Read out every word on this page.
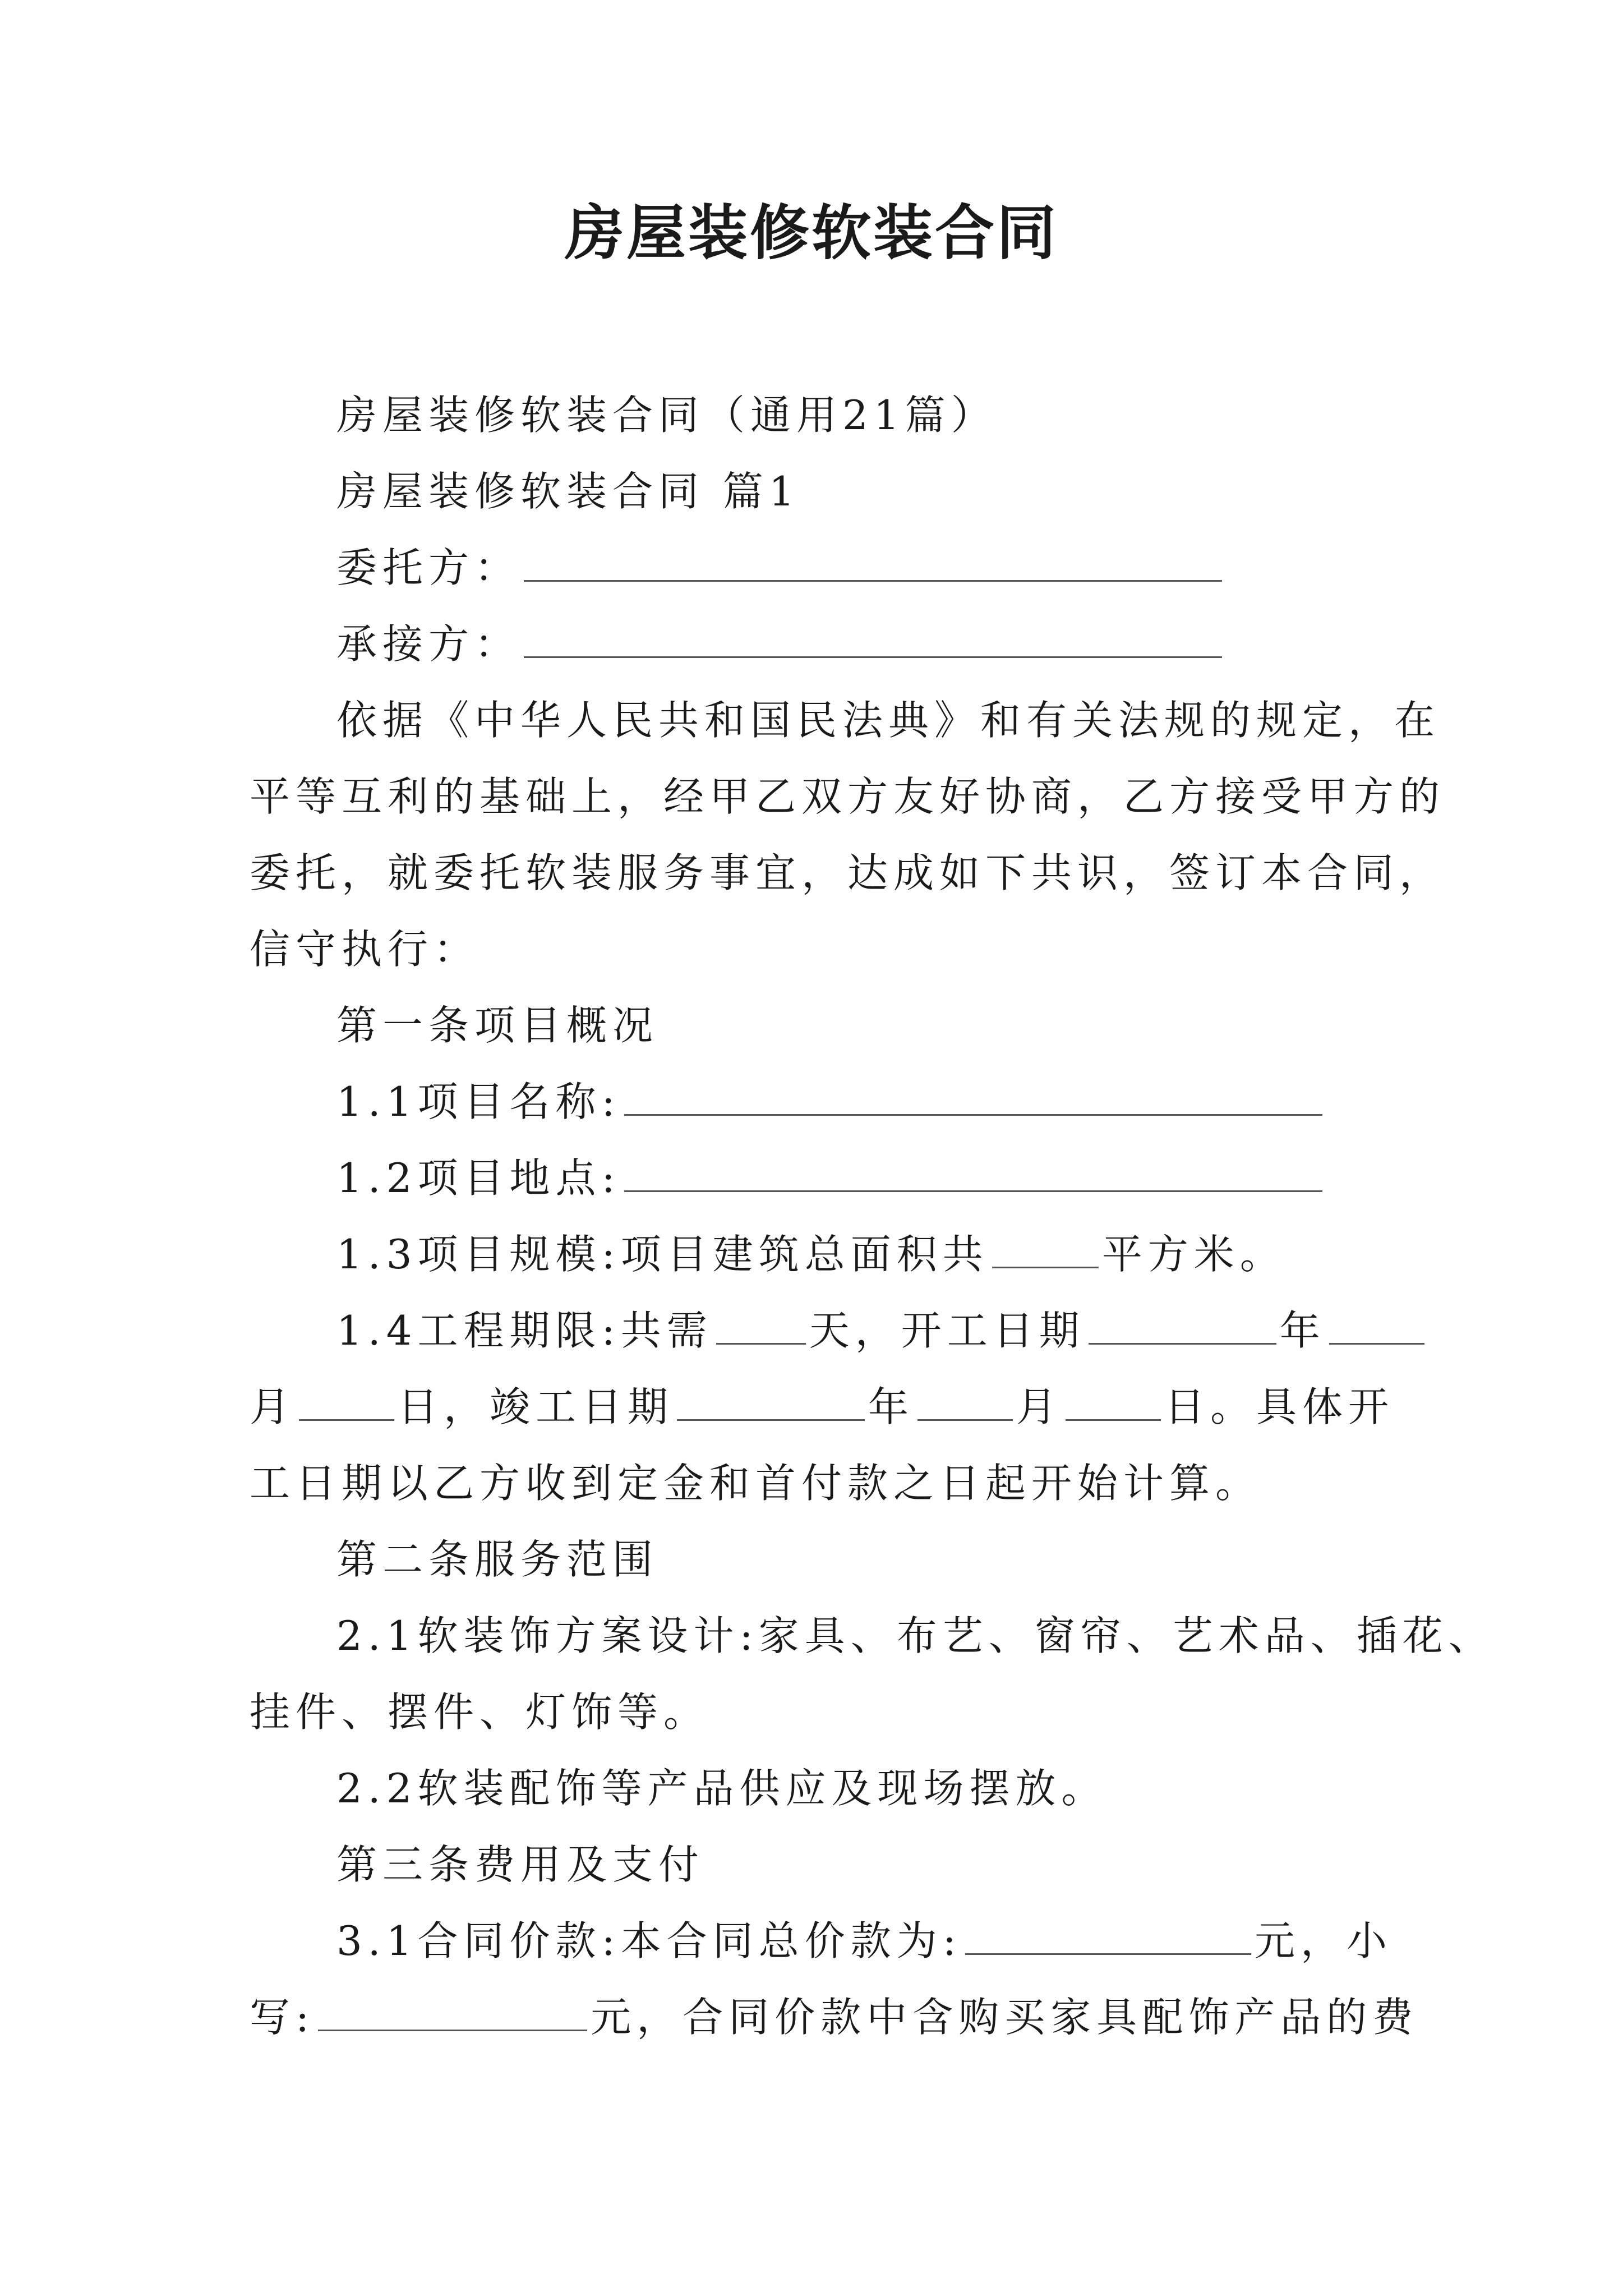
房屋装修软装合同
房屋装修软装合同（通用21篇）
房屋装修软装合同 篇1
委托方：
承接方：
依据《中华人民共和国民法典》和有关法规的规定，在
平等互利的基础上，经甲乙双方友好协商，乙方接受甲方的
委托，就委托软装服务事宜，达成如下共识，签订本合同，
信守执行：
第一条项目概况
1.1项目名称:
1.2项目地点:
1.3项目规模:项目建筑总面积共	平方米。
1.4工程期限:共需 天，开工日期	年
月	日，竣工日期	年	月	日。具体开
工日期以乙方收到定金和首付款之日起开始计算。
第二条服务范围
2.1软装饰方案设计:家具、布艺、窗帘、艺术品、插花、
挂件、摆件、灯饰等。
2.2软装配饰等产品供应及现场摆放。
第三条费用及支付
3.1合同价款:本合同总价款为:	元，小
写:	元，合同价款中含购买家具配饰产品的费
